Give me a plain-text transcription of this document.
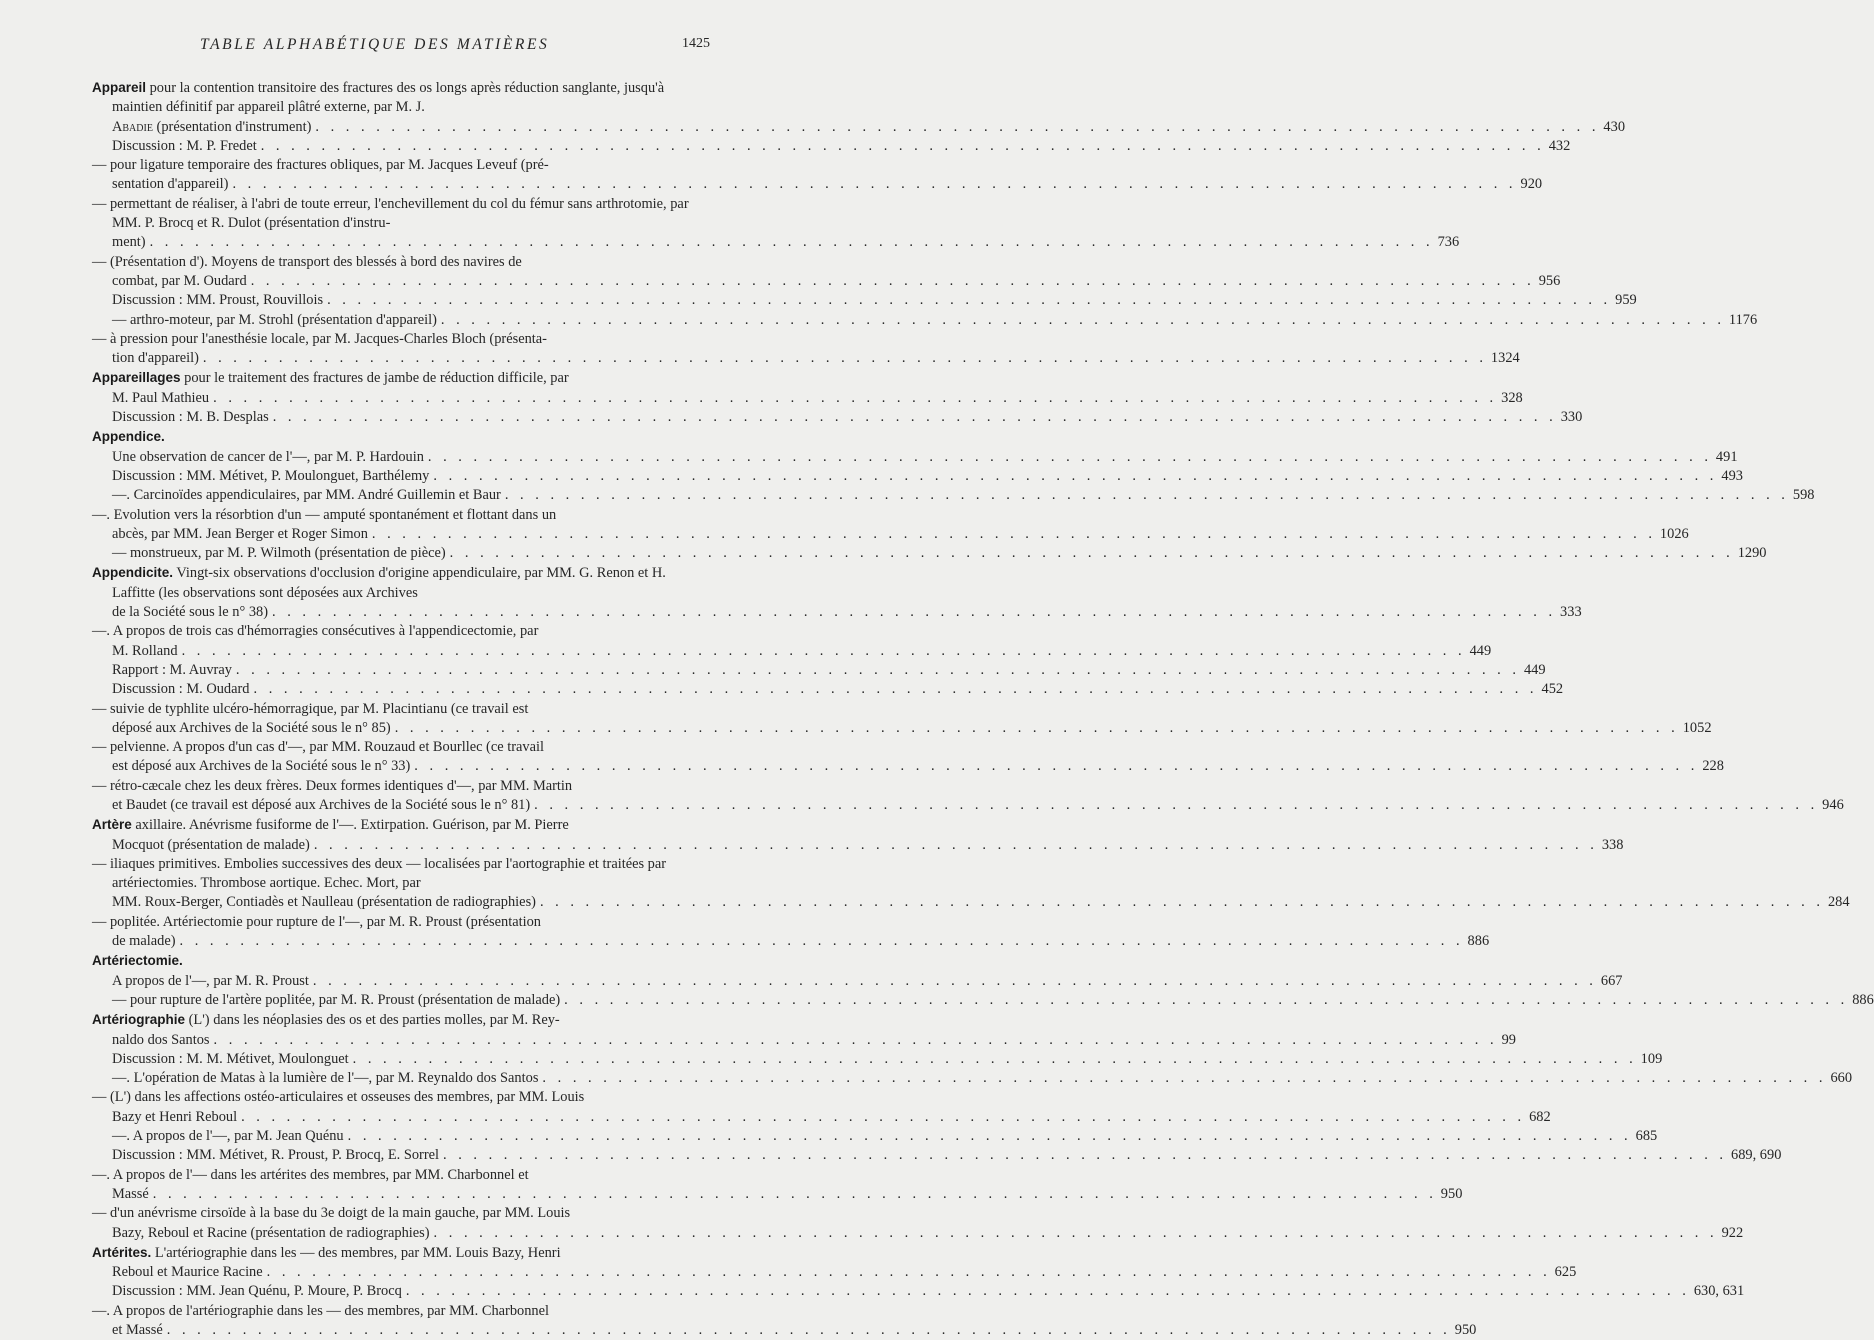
TABLE ALPHABÉTIQUE DES MATIÈRES	1425
Appareil pour la contention transitoire des fractures des os longs après réduction sanglante, jusqu'à maintien définitif par appareil plâtré externe, par M. J.
Abadie (présentation d'instrument) . . . . . . . . . . . . . . . . . . . . . . . . . . . . . . . . . . . . . . . . . . . . . . . . . . . . . . . . . . . . . . . . . . . . . . . . . . . . . . . . . . . . . 430
Discussion : M. P. Fredet . . . . . . . . . . . . . . . . . . . . . . . . . . . . . . . . . . . . . . . . . . . . . . . . . . . . . . . . . . . . . . . . . . . . . . . . . . . . . . . . . . . . . 432
— pour ligature temporaire des fractures obliques, par M. Jacques Leveuf (pré-
sentation d'appareil) . . . . . . . . . . . . . . . . . . . . . . . . . . . . . . . . . . . . . . . . . . . . . . . . . . . . . . . . . . . . . . . . . . . . . . . . . . . . . . . . . . . . . 920
— permettant de réaliser, à l'abri de toute erreur, l'enchevillement du col du fémur sans arthrotomie, par MM. P. Brocq et R. Dulot (présentation d'instru-
ment) . . . . . . . . . . . . . . . . . . . . . . . . . . . . . . . . . . . . . . . . . . . . . . . . . . . . . . . . . . . . . . . . . . . . . . . . . . . . . . . . . . . . . 736
— (Présentation d'). Moyens de transport des blessés à bord des navires de
combat, par M. Oudard . . . . . . . . . . . . . . . . . . . . . . . . . . . . . . . . . . . . . . . . . . . . . . . . . . . . . . . . . . . . . . . . . . . . . . . . . . . . . . . . . . . . . 956
Discussion : MM. Proust, Rouvillois . . . . . . . . . . . . . . . . . . . . . . . . . . . . . . . . . . . . . . . . . . . . . . . . . . . . . . . . . . . . . . . . . . . . . . . . . . . . . . . . . . . . . 959
— arthro-moteur, par M. Strohl (présentation d'appareil) . . . . . . . . . . . . . . . . . . . . . . . . . . . . . . . . . . . . . . . . . . . . . . . . . . . . . . . . . . . . . . . . . . . . . . . . . . . . . . . . . . . . . 1176
— à pression pour l'anesthésie locale, par M. Jacques-Charles Bloch (présenta-
tion d'appareil) . . . . . . . . . . . . . . . . . . . . . . . . . . . . . . . . . . . . . . . . . . . . . . . . . . . . . . . . . . . . . . . . . . . . . . . . . . . . . . . . . . . . . 1324
Appareillages pour le traitement des fractures de jambe de réduction difficile, par
M. Paul Mathieu . . . . . . . . . . . . . . . . . . . . . . . . . . . . . . . . . . . . . . . . . . . . . . . . . . . . . . . . . . . . . . . . . . . . . . . . . . . . . . . . . . . . . 328
Discussion : M. B. Desplas . . . . . . . . . . . . . . . . . . . . . . . . . . . . . . . . . . . . . . . . . . . . . . . . . . . . . . . . . . . . . . . . . . . . . . . . . . . . . . . . . . . . . 330
Appendice.
Une observation de cancer de l'—, par M. P. Hardouin . . . . . . . . . . . . . . . . . . . . . . . . . . . . . . . . . . . . . . . . . . . . . . . . . . . . . . . . . . . . . . . . . . . . . . . . . . . . . . . . . . . . . 491
Discussion : MM. Métivet, P. Moulonguet, Barthélemy . . . . . . . . . . . . . . . . . . . . . . . . . . . . . . . . . . . . . . . . . . . . . . . . . . . . . . . . . . . . . . . . . . . . . . . . . . . . . . . . . . . . . 493
—. Carcinoïdes appendiculaires, par MM. André Guillemin et Baur . . . . . . . . . . . . . . . . . . . . . . . . . . . . . . . . . . . . . . . . . . . . . . . . . . . . . . . . . . . . . . . . . . . . . . . . . . . . . . . . . . . . . 598
—. Evolution vers la résorbtion d'un — amputé spontanément et flottant dans un
abcès, par MM. Jean Berger et Roger Simon . . . . . . . . . . . . . . . . . . . . . . . . . . . . . . . . . . . . . . . . . . . . . . . . . . . . . . . . . . . . . . . . . . . . . . . . . . . . . . . . . . . . . 1026
— monstrueux, par M. P. Wilmoth (présentation de pièce) . . . . . . . . . . . . . . . . . . . . . . . . . . . . . . . . . . . . . . . . . . . . . . . . . . . . . . . . . . . . . . . . . . . . . . . . . . . . . . . . . . . . . 1290
Appendicite. Vingt-six observations d'occlusion d'origine appendiculaire, par MM. G. Renon et H. Laffitte (les observations sont déposées aux Archives
de la Société sous le n° 38) . . . . . . . . . . . . . . . . . . . . . . . . . . . . . . . . . . . . . . . . . . . . . . . . . . . . . . . . . . . . . . . . . . . . . . . . . . . . . . . . . . . . . 333
—. A propos de trois cas d'hémorragies consécutives à l'appendicectomie, par
M. Rolland . . . . . . . . . . . . . . . . . . . . . . . . . . . . . . . . . . . . . . . . . . . . . . . . . . . . . . . . . . . . . . . . . . . . . . . . . . . . . . . . . . . . . 449
Rapport : M. Auvray . . . . . . . . . . . . . . . . . . . . . . . . . . . . . . . . . . . . . . . . . . . . . . . . . . . . . . . . . . . . . . . . . . . . . . . . . . . . . . . . . . . . . 449
Discussion : M. Oudard . . . . . . . . . . . . . . . . . . . . . . . . . . . . . . . . . . . . . . . . . . . . . . . . . . . . . . . . . . . . . . . . . . . . . . . . . . . . . . . . . . . . . 452
— suivie de typhlite ulcéro-hémorragique, par M. Placintianu (ce travail est
déposé aux Archives de la Société sous le n° 85) . . . . . . . . . . . . . . . . . . . . . . . . . . . . . . . . . . . . . . . . . . . . . . . . . . . . . . . . . . . . . . . . . . . . . . . . . . . . . . . . . . . . . 1052
— pelvienne. A propos d'un cas d'—, par MM. Rouzaud et Bourllec (ce travail
est déposé aux Archives de la Société sous le n° 33) . . . . . . . . . . . . . . . . . . . . . . . . . . . . . . . . . . . . . . . . . . . . . . . . . . . . . . . . . . . . . . . . . . . . . . . . . . . . . . . . . . . . . 228
— rétro-cæcale chez les deux frères. Deux formes identiques d'—, par MM. Martin
et Baudet (ce travail est déposé aux Archives de la Société sous le n° 81) . . . . . . . . . . . . . . . . . . . . . . . . . . . . . . . . . . . . . . . . . . . . . . . . . . . . . . . . . . . . . . . . . . . . . . . . . . . . . . . . . . . . . 946
Artère axillaire. Anévrisme fusiforme de l'—. Extirpation. Guérison, par M. Pierre
Mocquot (présentation de malade) . . . . . . . . . . . . . . . . . . . . . . . . . . . . . . . . . . . . . . . . . . . . . . . . . . . . . . . . . . . . . . . . . . . . . . . . . . . . . . . . . . . . . 338
— iliaques primitives. Embolies successives des deux — localisées par l'aortographie et traitées par artériectomies. Thrombose aortique. Echec. Mort, par
MM. Roux-Berger, Contiadès et Naulleau (présentation de radiographies) . . . . . . . . . . . . . . . . . . . . . . . . . . . . . . . . . . . . . . . . . . . . . . . . . . . . . . . . . . . . . . . . . . . . . . . . . . . . . . . . . . . . . 284
— poplitée. Artériectomie pour rupture de l'—, par M. R. Proust (présentation
de malade) . . . . . . . . . . . . . . . . . . . . . . . . . . . . . . . . . . . . . . . . . . . . . . . . . . . . . . . . . . . . . . . . . . . . . . . . . . . . . . . . . . . . . 886
Artériectomie.
A propos de l'—, par M. R. Proust . . . . . . . . . . . . . . . . . . . . . . . . . . . . . . . . . . . . . . . . . . . . . . . . . . . . . . . . . . . . . . . . . . . . . . . . . . . . . . . . . . . . . 667
— pour rupture de l'artère poplitée, par M. R. Proust (présentation de malade) . . . . . . . . . . . . . . . . . . . . . . . . . . . . . . . . . . . . . . . . . . . . . . . . . . . . . . . . . . . . . . . . . . . . . . . . . . . . . . . . . . . . . 886
Artériographie (L') dans les néoplasies des os et des parties molles, par M. Rey-
naldo dos Santos . . . . . . . . . . . . . . . . . . . . . . . . . . . . . . . . . . . . . . . . . . . . . . . . . . . . . . . . . . . . . . . . . . . . . . . . . . . . . . . . . . . . . 99
Discussion : M. M. Métivet, Moulonguet . . . . . . . . . . . . . . . . . . . . . . . . . . . . . . . . . . . . . . . . . . . . . . . . . . . . . . . . . . . . . . . . . . . . . . . . . . . . . . . . . . . . . 109
—. L'opération de Matas à la lumière de l'—, par M. Reynaldo dos Santos . . . . . . . . . . . . . . . . . . . . . . . . . . . . . . . . . . . . . . . . . . . . . . . . . . . . . . . . . . . . . . . . . . . . . . . . . . . . . . . . . . . . . 660
— (L') dans les affections ostéo-articulaires et osseuses des membres, par MM. Louis
Bazy et Henri Reboul . . . . . . . . . . . . . . . . . . . . . . . . . . . . . . . . . . . . . . . . . . . . . . . . . . . . . . . . . . . . . . . . . . . . . . . . . . . . . . . . . . . . . 682
—. A propos de l'—, par M. Jean Quénu . . . . . . . . . . . . . . . . . . . . . . . . . . . . . . . . . . . . . . . . . . . . . . . . . . . . . . . . . . . . . . . . . . . . . . . . . . . . . . . . . . . . . 685
Discussion : MM. Métivet, R. Proust, P. Brocq, E. Sorrel . . . . . . . . . . . . . . . . . . . . . . . . . . . . . . . . . . . . . . . . . . . . . . . . . . . . . . . . . . . . . . . . . . . . . . . . . . . . . . . . . . . . . 689, 690
—. A propos de l'— dans les artérites des membres, par MM. Charbonnel et
Massé . . . . . . . . . . . . . . . . . . . . . . . . . . . . . . . . . . . . . . . . . . . . . . . . . . . . . . . . . . . . . . . . . . . . . . . . . . . . . . . . . . . . . 950
— d'un anévrisme cirsoïde à la base du 3e doigt de la main gauche, par MM. Louis
Bazy, Reboul et Racine (présentation de radiographies) . . . . . . . . . . . . . . . . . . . . . . . . . . . . . . . . . . . . . . . . . . . . . . . . . . . . . . . . . . . . . . . . . . . . . . . . . . . . . . . . . . . . . 922
Artérites. L'artériographie dans les — des membres, par MM. Louis Bazy, Henri
Reboul et Maurice Racine . . . . . . . . . . . . . . . . . . . . . . . . . . . . . . . . . . . . . . . . . . . . . . . . . . . . . . . . . . . . . . . . . . . . . . . . . . . . . . . . . . . . . 625
Discussion : MM. Jean Quénu, P. Moure, P. Brocq . . . . . . . . . . . . . . . . . . . . . . . . . . . . . . . . . . . . . . . . . . . . . . . . . . . . . . . . . . . . . . . . . . . . . . . . . . . . . . . . . . . . . 630, 631
—. A propos de l'artériographie dans les — des membres, par MM. Charbonnel
et Massé . . . . . . . . . . . . . . . . . . . . . . . . . . . . . . . . . . . . . . . . . . . . . . . . . . . . . . . . . . . . . . . . . . . . . . . . . . . . . . . . . . . . . 950
